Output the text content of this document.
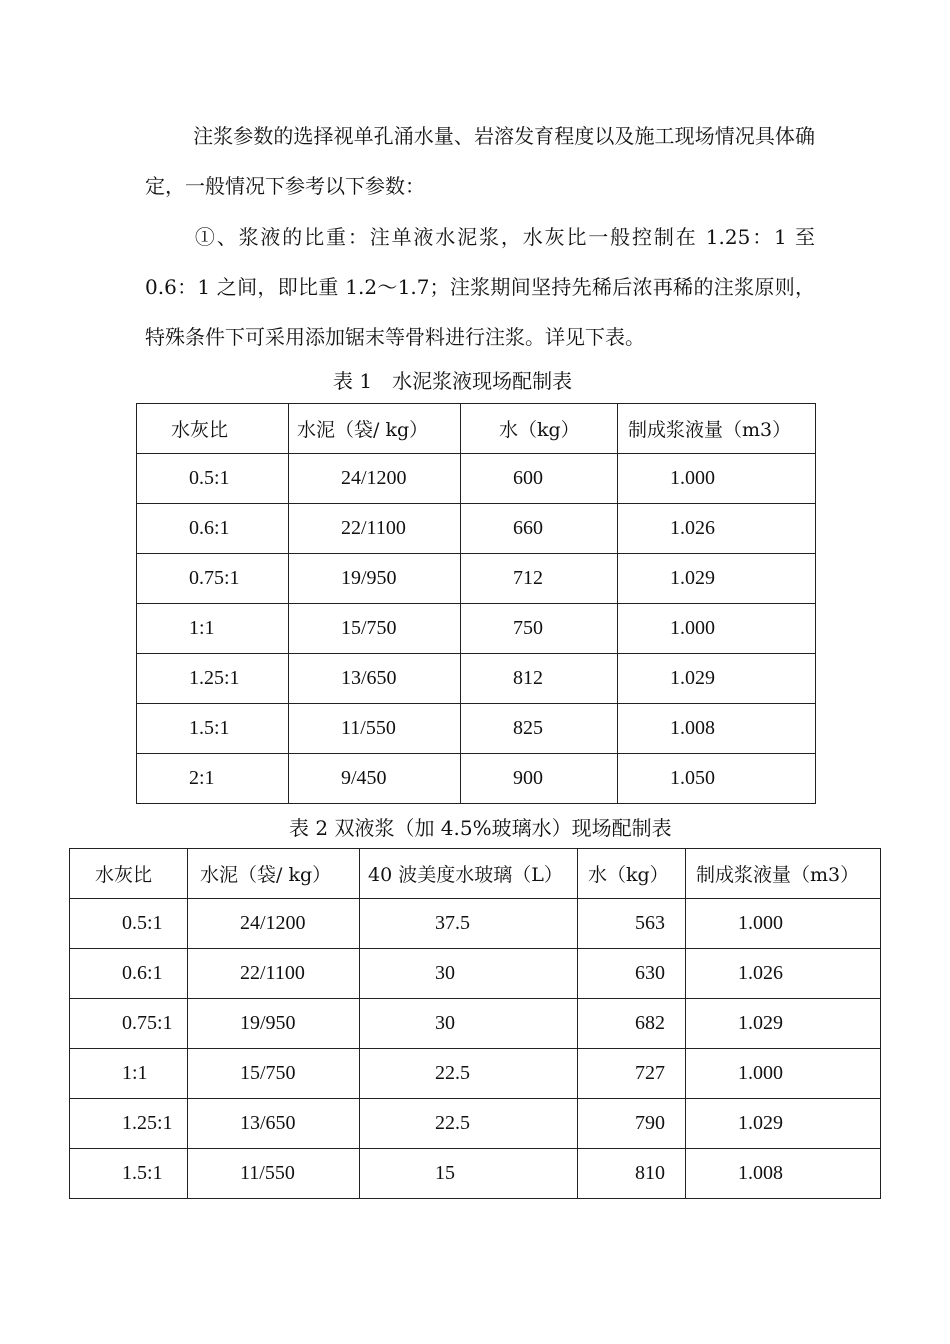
注浆参数的选择视单孔涌水量、岩溶发育程度以及施工现场情况具体确定，一般情况下参考以下参数：

①、浆液的比重：注单液水泥浆，水灰比一般控制在 1.25：1 至 0.6：1 之间，即比重 1.2～1.7；注浆期间坚持先稀后浓再稀的注浆原则，特殊条件下可采用添加锯末等骨料进行注浆。详见下表。

表 1　水泥浆液现场配制表
水灰比	水泥（袋/ kg）	水（kg）	制成浆液量（m3）
0.5:1	24/1200	600	1.000
0.6:1	22/1100	660	1.026
0.75:1	19/950	712	1.029
1:1	15/750	750	1.000
1.25:1	13/650	812	1.029
1.5:1	11/550	825	1.008
2:1	9/450	900	1.050
表 2 双液浆（加 4.5%玻璃水）现场配制表
水灰比	水泥（袋/ kg）	40 波美度水玻璃（L）	水（kg）	制成浆液量（m3）
0.5:1	24/1200	37.5	563	1.000
0.6:1	22/1100	30	630	1.026
0.75:1	19/950	30	682	1.029
1:1	15/750	22.5	727	1.000
1.25:1	13/650	22.5	790	1.029
1.5:1	11/550	15	810	1.008
